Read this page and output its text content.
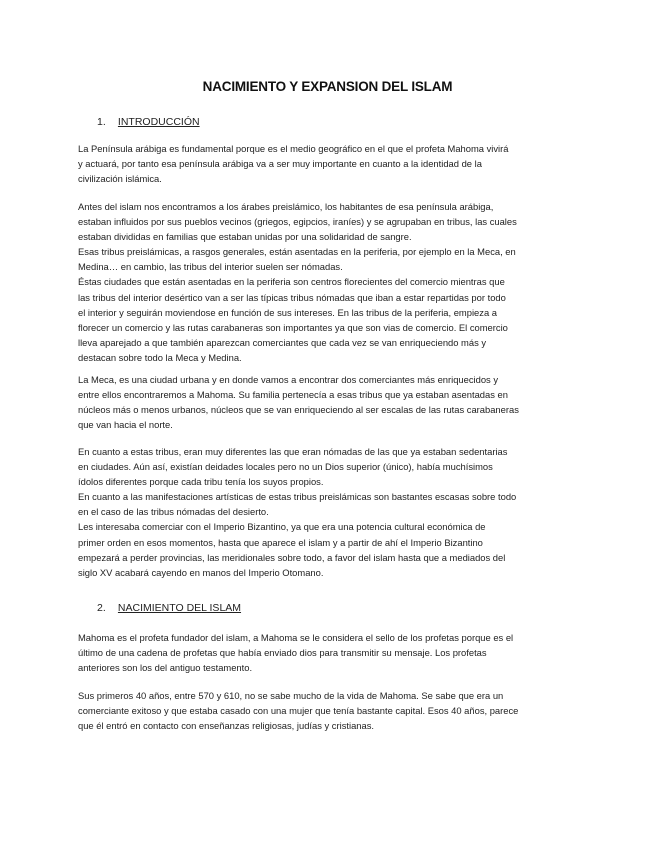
NACIMIENTO Y EXPANSION DEL ISLAM
1. INTRODUCCIÓN
La Península arábiga es fundamental porque es el medio geográfico en el que el profeta Mahoma vivirá
y actuará, por tanto esa península arábiga va a ser muy importante en cuanto a la identidad de la
civilización islámica.
Antes del islam nos encontramos a los árabes preislámico, los habitantes de esa península arábiga,
estaban influidos por sus pueblos vecinos (griegos, egipcios, iraníes) y se agrupaban en tribus, las cuales
estaban divididas en familias que estaban unidas por una solidaridad de sangre.
Esas tribus preislámicas, a rasgos generales, están asentadas en la periferia, por ejemplo en la Meca, en
Medina… en cambio, las tribus del interior suelen ser nómadas.
Éstas ciudades que están asentadas en la periferia son centros florecientes del comercio mientras que
las tribus del interior desértico van a ser las típicas tribus nómadas que iban a estar repartidas por todo
el interior y seguirán moviendose en función de sus intereses. En las tribus de la periferia, empieza a
florecer un comercio y las rutas carabaneras son importantes ya que son vias de comercio. El comercio
lleva aparejado a que también aparezcan comerciantes que cada vez se van enriqueciendo más y
destacan sobre todo la Meca y Medina.
La Meca, es una ciudad urbana y en donde vamos a encontrar dos comerciantes más enriquecidos y
entre ellos encontraremos a Mahoma. Su familia pertenecía a esas tribus que ya estaban asentadas en
núcleos más o menos urbanos, núcleos que se van enriqueciendo al ser escalas de las rutas carabaneras
que van hacia el norte.
En cuanto a estas tribus, eran muy diferentes las que eran nómadas de las que ya estaban sedentarias
en ciudades. Aún así, existían deidades locales pero no un Dios superior (único), había muchísimos
ídolos diferentes porque cada tribu tenía los suyos propios.
En cuanto a las manifestaciones artísticas de estas tribus preislámicas son bastantes escasas sobre todo
en el caso de las tribus nómadas del desierto.
Les interesaba comerciar con el Imperio Bizantino, ya que era una potencia cultural económica de
primer orden en esos momentos, hasta que aparece el islam y a partir de ahí el Imperio Bizantino
empezará a perder provincias, las meridionales sobre todo, a favor del islam hasta que a mediados del
siglo XV acabará cayendo en manos del Imperio Otomano.
2. NACIMIENTO DEL ISLAM
Mahoma es el profeta fundador del islam, a Mahoma se le considera el sello de los profetas porque es el
último de una cadena de profetas que había enviado dios para transmitir su mensaje. Los profetas
anteriores son los del antiguo testamento.
Sus primeros 40 años, entre 570 y 610, no se sabe mucho de la vida de Mahoma. Se sabe que era un
comerciante exitoso y que estaba casado con una mujer que tenía bastante capital. Esos 40 años, parece
que él entró en contacto con enseñanzas religiosas, judías y cristianas.
